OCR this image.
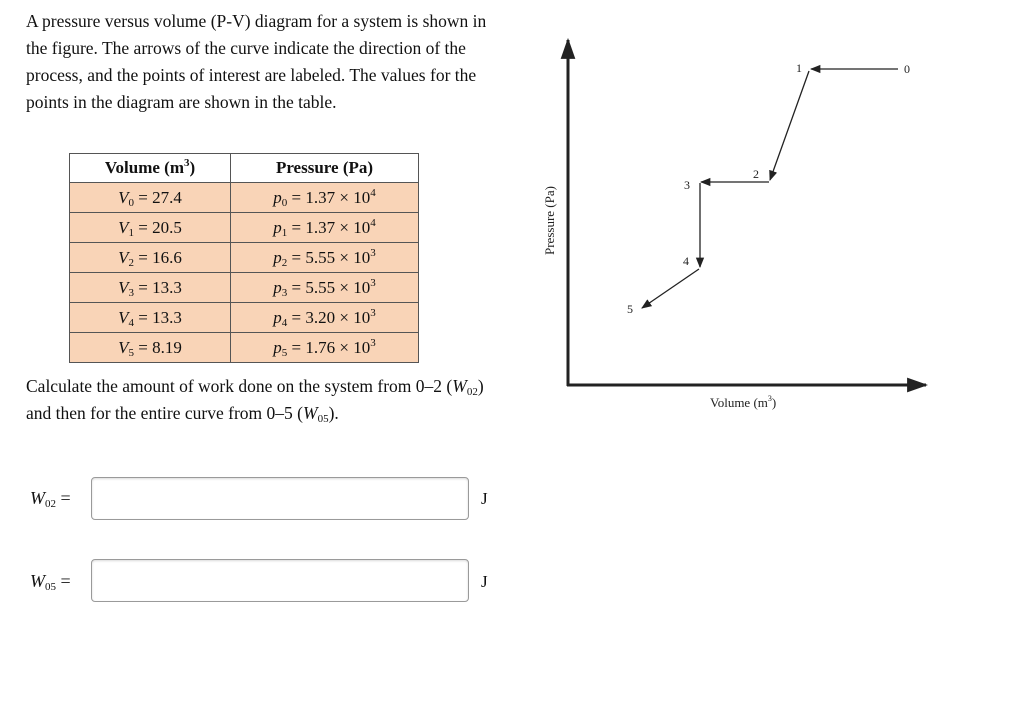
A pressure versus volume (P-V) diagram for a system is shown in the figure. The arrows of the curve indicate the direction of the process, and the points of interest are labeled. The values for the points in the diagram are shown in the table.
Volume $(m^3)$	Pressure (Pa)
$V_0 = 27.4$	$p_0 = 1.37 \times 10^4$
$V_1 = 20.5$	$p_1 = 1.37 \times 10^4$
$V_2 = 16.6$	$p_2 = 5.55 \times 10^3$
$V_3 = 13.3$	$p_3 = 5.55 \times 10^3$
$V_4 = 13.3$	$p_4 = 3.20 \times 10^3$
$V_5 = 8.19$	$p_5 = 1.76 \times 10^3$
Calculate the amount of work done on the system from 0–2 $(W_{02})$ and then for the entire curve from 0–5 $(W_{05})$.
$W_{02}$ =	J
$W_{05}$ =	J
0
1
2
3
4
5
Pressure (Pa)
Volume $(m^3)$
